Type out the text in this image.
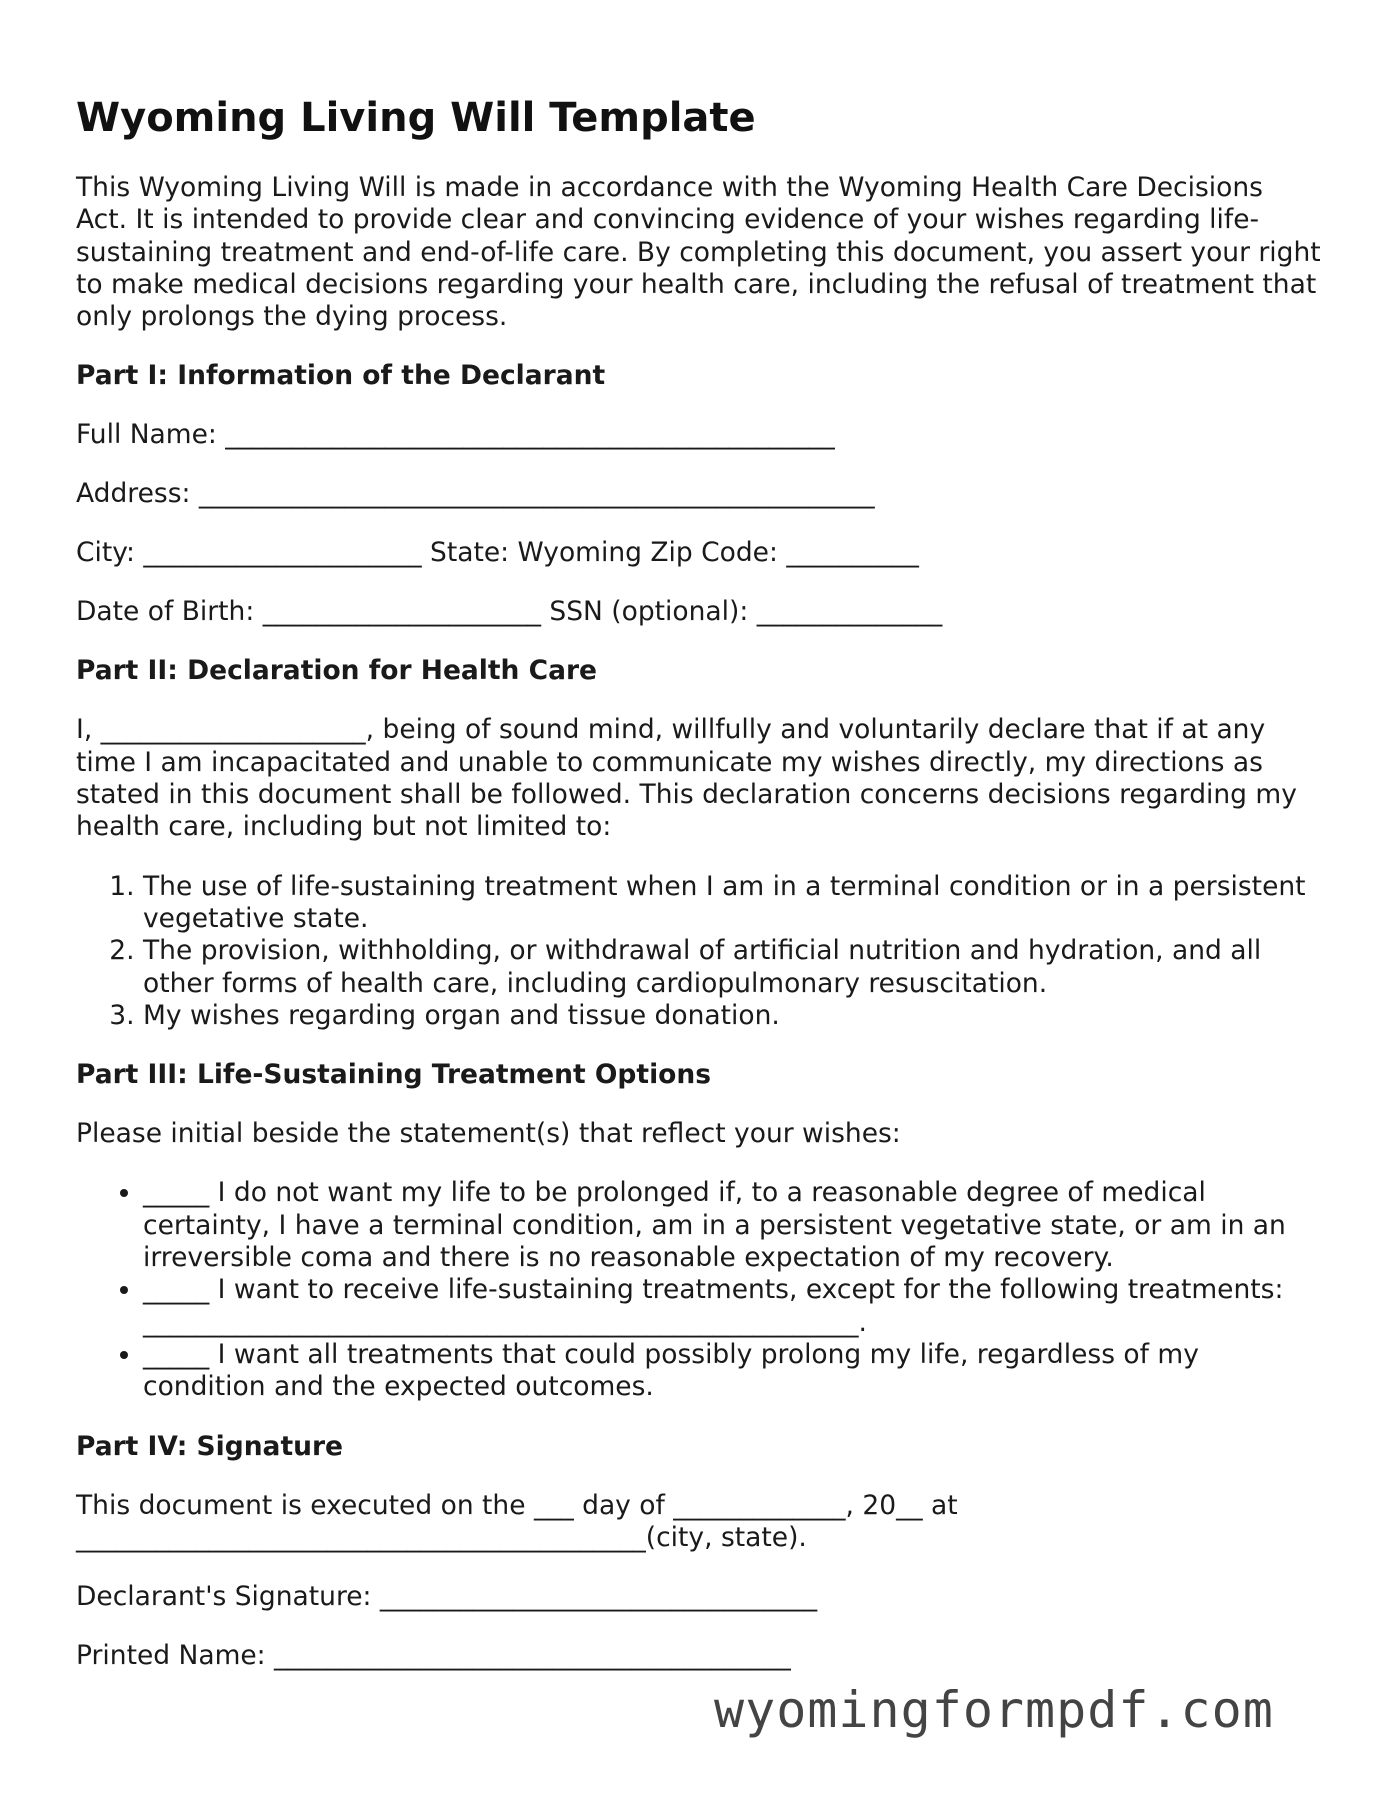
Wyoming Living Will Template

This Wyoming Living Will is made in accordance with the Wyoming Health Care Decisions Act. It is intended to provide clear and convincing evidence of your wishes regarding life-sustaining treatment and end-of-life care. By completing this document, you assert your right to make medical decisions regarding your health care, including the refusal of treatment that only prolongs the dying process.

Part I: Information of the Declarant
Full Name: ______________________________________________
Address: ___________________________________________________
City: _____________________ State: Wyoming Zip Code: __________
Date of Birth: _____________________ SSN (optional): ______________
Part II: Declaration for Health Care

I, ____________________, being of sound mind, willfully and voluntarily declare that if at any time I am incapacitated and unable to communicate my wishes directly, my directions as stated in this document shall be followed. This declaration concerns decisions regarding my health care, including but not limited to:

1. The use of life-sustaining treatment when I am in a terminal condition or in a persistent vegetative state.
2. The provision, withholding, or withdrawal of artificial nutrition and hydration, and all other forms of health care, including cardiopulmonary resuscitation.
3. My wishes regarding organ and tissue donation.
Part III: Life-Sustaining Treatment Options

Please initial beside the statement(s) that reflect your wishes:

• _____ I do not want my life to be prolonged if, to a reasonable degree of medical certainty, I have a terminal condition, am in a persistent vegetative state, or am in an irreversible coma and there is no reasonable expectation of my recovery.
• _____ I want to receive life-sustaining treatments, except for the following treatments: ______________________________________________________.
• _____ I want all treatments that could possibly prolong my life, regardless of my condition and the expected outcomes.
Part IV: Signature

This document is executed on the ___ day of _____________, 20__ at ___________________________________________(city, state).

Declarant's Signature: _________________________________
Printed Name: _______________________________________
wyomingformpdf.com
